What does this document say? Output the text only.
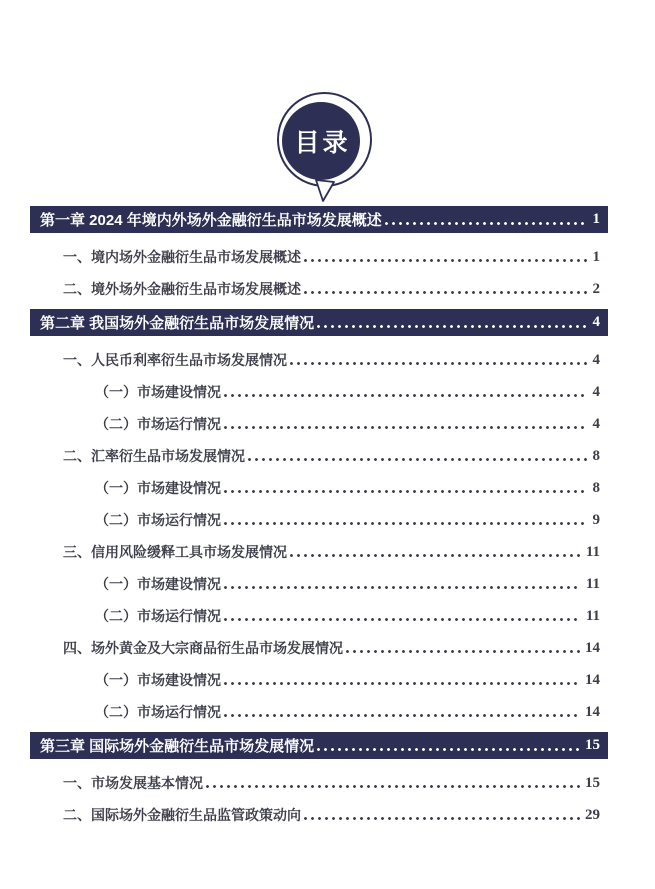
目录
第一章 2024 年境内外场外金融衍生品市场发展概述	1
一、境内场外金融衍生品市场发展概述	1
二、境外场外金融衍生品市场发展概述	2
第二章 我国场外金融衍生品市场发展情况	4
一、人民币利率衍生品市场发展情况	4
（一）市场建设情况	4
（二）市场运行情况	4
二、汇率衍生品市场发展情况	8
（一）市场建设情况	8
（二）市场运行情况	9
三、信用风险缓释工具市场发展情况	11
（一）市场建设情况	11
（二）市场运行情况	11
四、场外黄金及大宗商品衍生品市场发展情况	14
（一）市场建设情况	14
（二）市场运行情况	14
第三章 国际场外金融衍生品市场发展情况	15
一、市场发展基本情况	15
二、国际场外金融衍生品监管政策动向	29
